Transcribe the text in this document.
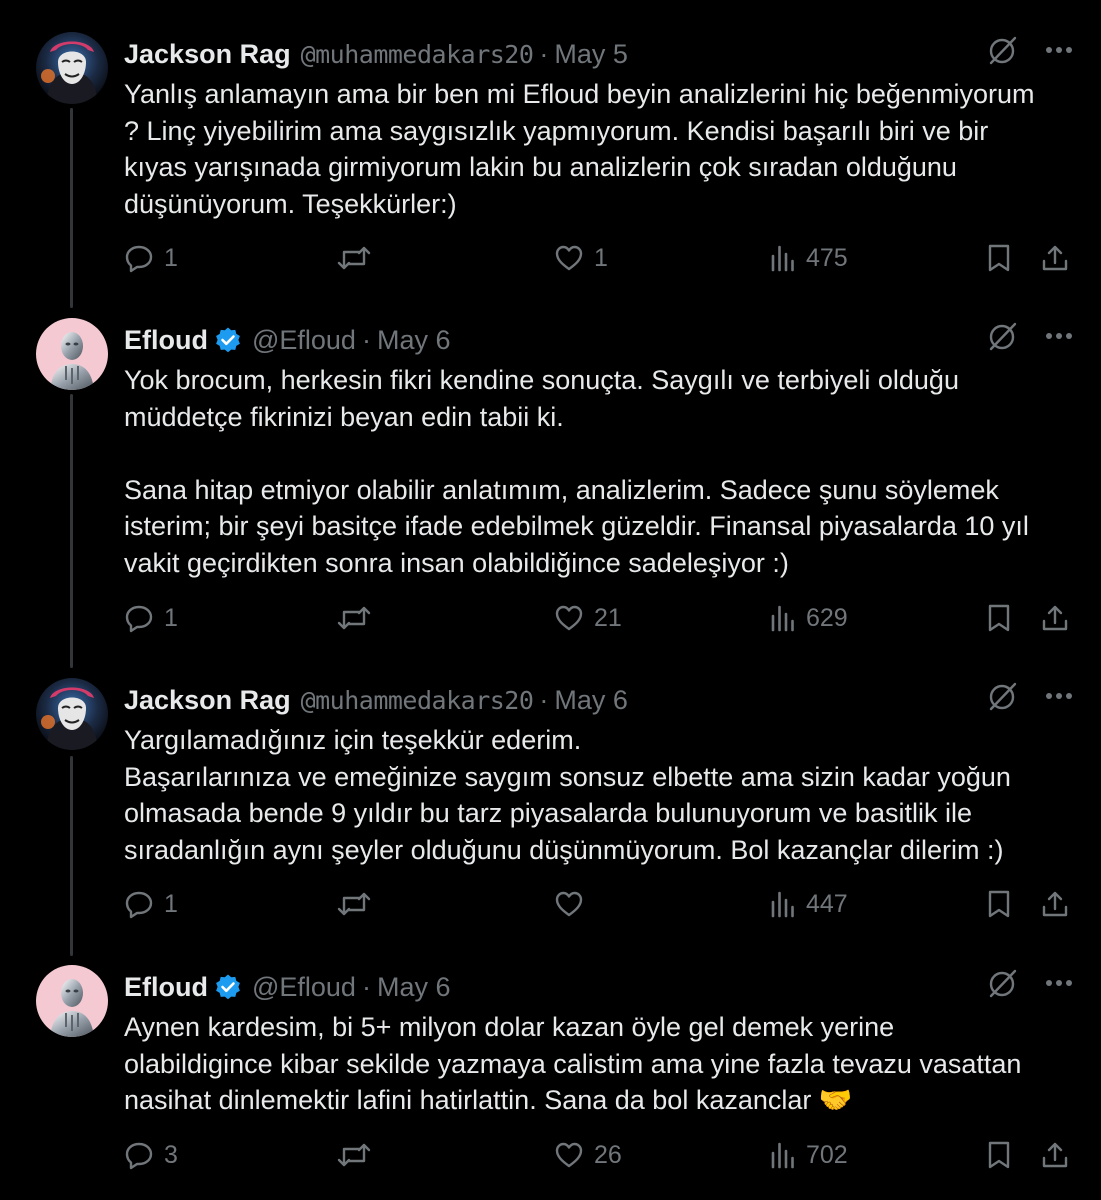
Jackson Rag @muhammedakars20 · May 5

Yanlış anlamayın ama bir ben mi Efloud beyin analizlerini hiç beğenmiyorum

? Linç yiyebilirim ama saygısızlık yapmıyorum. Kendisi başarılı biri ve bir

kıyas yarışınada girmiyorum lakin bu analizlerin çok sıradan olduğunu

düşünüyorum. Teşekkürler:)

1	1	475
Efloud @Efloud · May 6

Yok brocum, herkesin fikri kendine sonuçta. Saygılı ve terbiyeli olduğu

müddetçe fikrinizi beyan edin tabii ki.

Sana hitap etmiyor olabilir anlatımım, analizlerim. Sadece şunu söylemek

isterim; bir şeyi basitçe ifade edebilmek güzeldir. Finansal piyasalarda 10 yıl

vakit geçirdikten sonra insan olabildiğince sadeleşiyor :)

1	21	629
Jackson Rag @muhammedakars20 · May 6

Yargılamadığınız için teşekkür ederim.

Başarılarınıza ve emeğinize saygım sonsuz elbette ama sizin kadar yoğun

olmasada bende 9 yıldır bu tarz piyasalarda bulunuyorum ve basitlik ile

sıradanlığın aynı şeyler olduğunu düşünmüyorum. Bol kazançlar dilerim :)

1	447
Efloud @Efloud · May 6

Aynen kardesim, bi 5+ milyon dolar kazan öyle gel demek yerine

olabildigince kibar sekilde yazmaya calistim ama yine fazla tevazu vasattan

nasihat dinlemektir lafini hatirlattin. Sana da bol kazanclar 🤝

3	26	702
